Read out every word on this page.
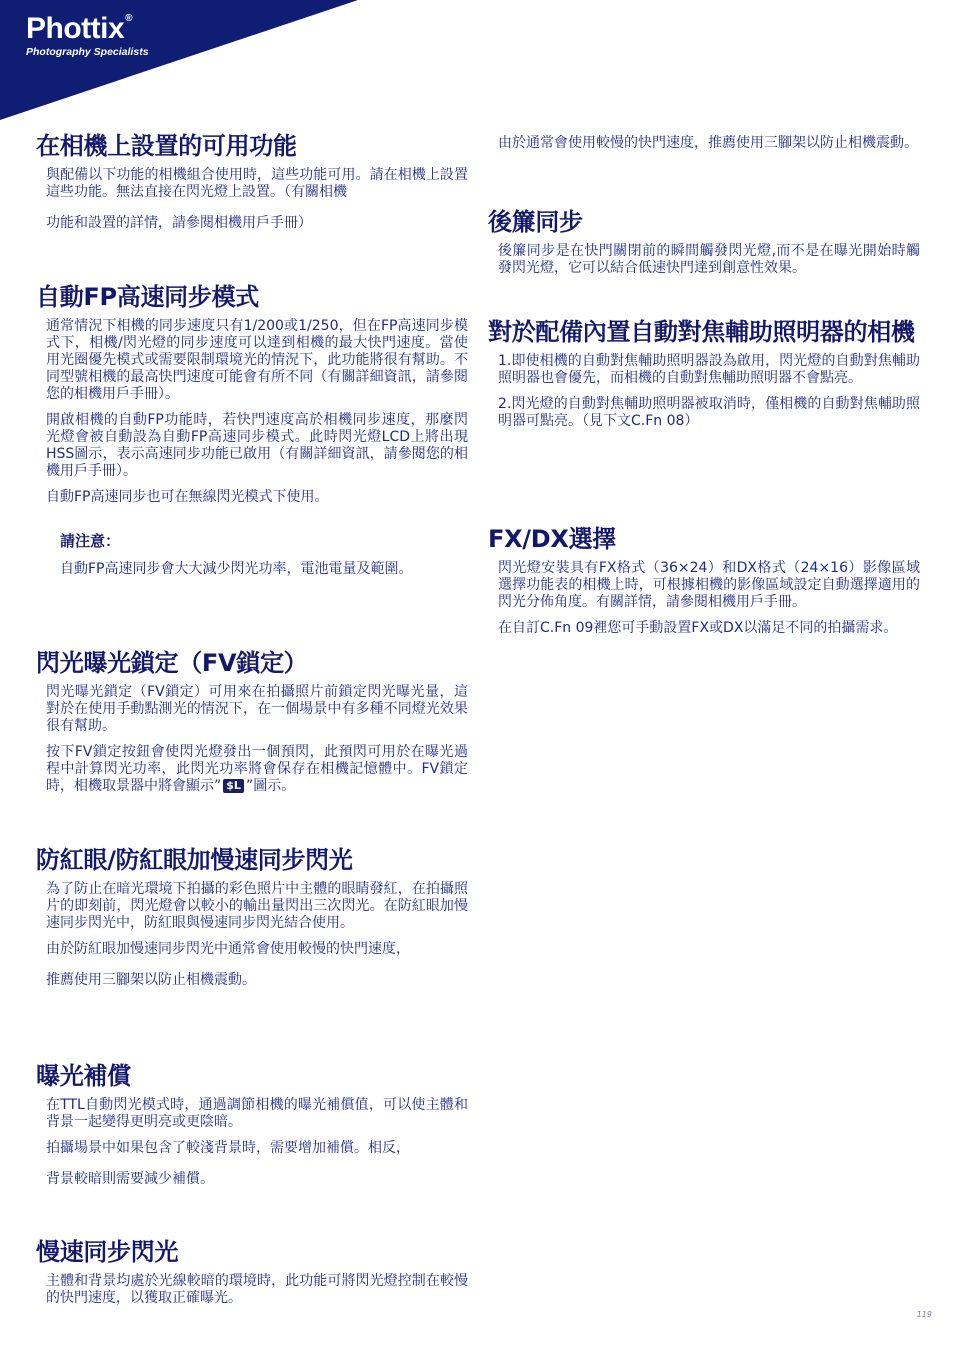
Phottix®
Photography Specialists
在相機上設置的可用功能

與配備以下功能的相機組合使用時，這些功能可用。請在相機上設置這些功能。無法直接在閃光燈上設置。（有關相機

功能和設置的詳情，請參閱相機用戶手冊）

自動FP高速同步模式

通常情況下相機的同步速度只有1/200或1/250，但在FP高速同步模式下，相機/閃光燈的同步速度可以達到相機的最大快門速度。當使用光圈優先模式或需要限制環境光的情況下，此功能將很有幫助。不同型號相機的最高快門速度可能會有所不同（有關詳細資訊，請參閱您的相機用戶手冊）。

開啟相機的自動FP功能時，若快門速度高於相機同步速度，那麼閃光燈會被自動設為自動FP高速同步模式。此時閃光燈LCD上將出現HSS圖示，表示高速同步功能已啟用（有關詳細資訊，請參閱您的相機用戶手冊）。

自動FP高速同步也可在無線閃光模式下使用。

請注意：

自動FP高速同步會大大減少閃光功率，電池電量及範圍。

閃光曝光鎖定（FV鎖定）

閃光曝光鎖定（FV鎖定）可用來在拍攝照片前鎖定閃光曝光量，這對於在使用手動點測光的情況下，在一個場景中有多種不同燈光效果很有幫助。

按下FV鎖定按鈕會使閃光燈發出一個預閃，此預閃可用於在曝光過程中計算閃光功率，此閃光功率將會保存在相機記憶體中。FV鎖定時，相機取景器中將會顯示” $L ”圖示。

防紅眼/防紅眼加慢速同步閃光

為了防止在暗光環境下拍攝的彩色照片中主體的眼睛發紅，在拍攝照片的即刻前，閃光燈會以較小的輸出量閃出三次閃光。在防紅眼加慢速同步閃光中，防紅眼與慢速同步閃光結合使用。

由於防紅眼加慢速同步閃光中通常會使用較慢的快門速度，

推薦使用三腳架以防止相機震動。

曝光補償

在TTL自動閃光模式時，通過調節相機的曝光補償值，可以使主體和背景一起變得更明亮或更陰暗。

拍攝場景中如果包含了較淺背景時，需要增加補償。相反，

背景較暗則需要減少補償。

慢速同步閃光

主體和背景均處於光線較暗的環境時，此功能可將閃光燈控制在較慢的快門速度，以獲取正確曝光。

由於通常會使用較慢的快門速度，推薦使用三腳架以防止相機震動。

後簾同步

後簾同步是在快門關閉前的瞬間觸發閃光燈,而不是在曝光開始時觸發閃光燈，它可以結合低速快門達到創意性效果。

對於配備內置自動對焦輔助照明器的相機

1.即使相機的自動對焦輔助照明器設為啟用，閃光燈的自動對焦輔助照明器也會優先，而相機的自動對焦輔助照明器不會點亮。

2.閃光燈的自動對焦輔助照明器被取消時，僅相機的自動對焦輔助照明器可點亮。（見下文C.Fn 08）

FX/DX選擇

閃光燈安裝具有FX格式（36×24）和DX格式（24×16）影像區域選擇功能表的相機上時，可根據相機的影像區域設定自動選擇適用的閃光分佈角度。有關詳情，請參閱相機用戶手冊。

在自訂C.Fn 09裡您可手動設置FX或DX以滿足不同的拍攝需求。

119
